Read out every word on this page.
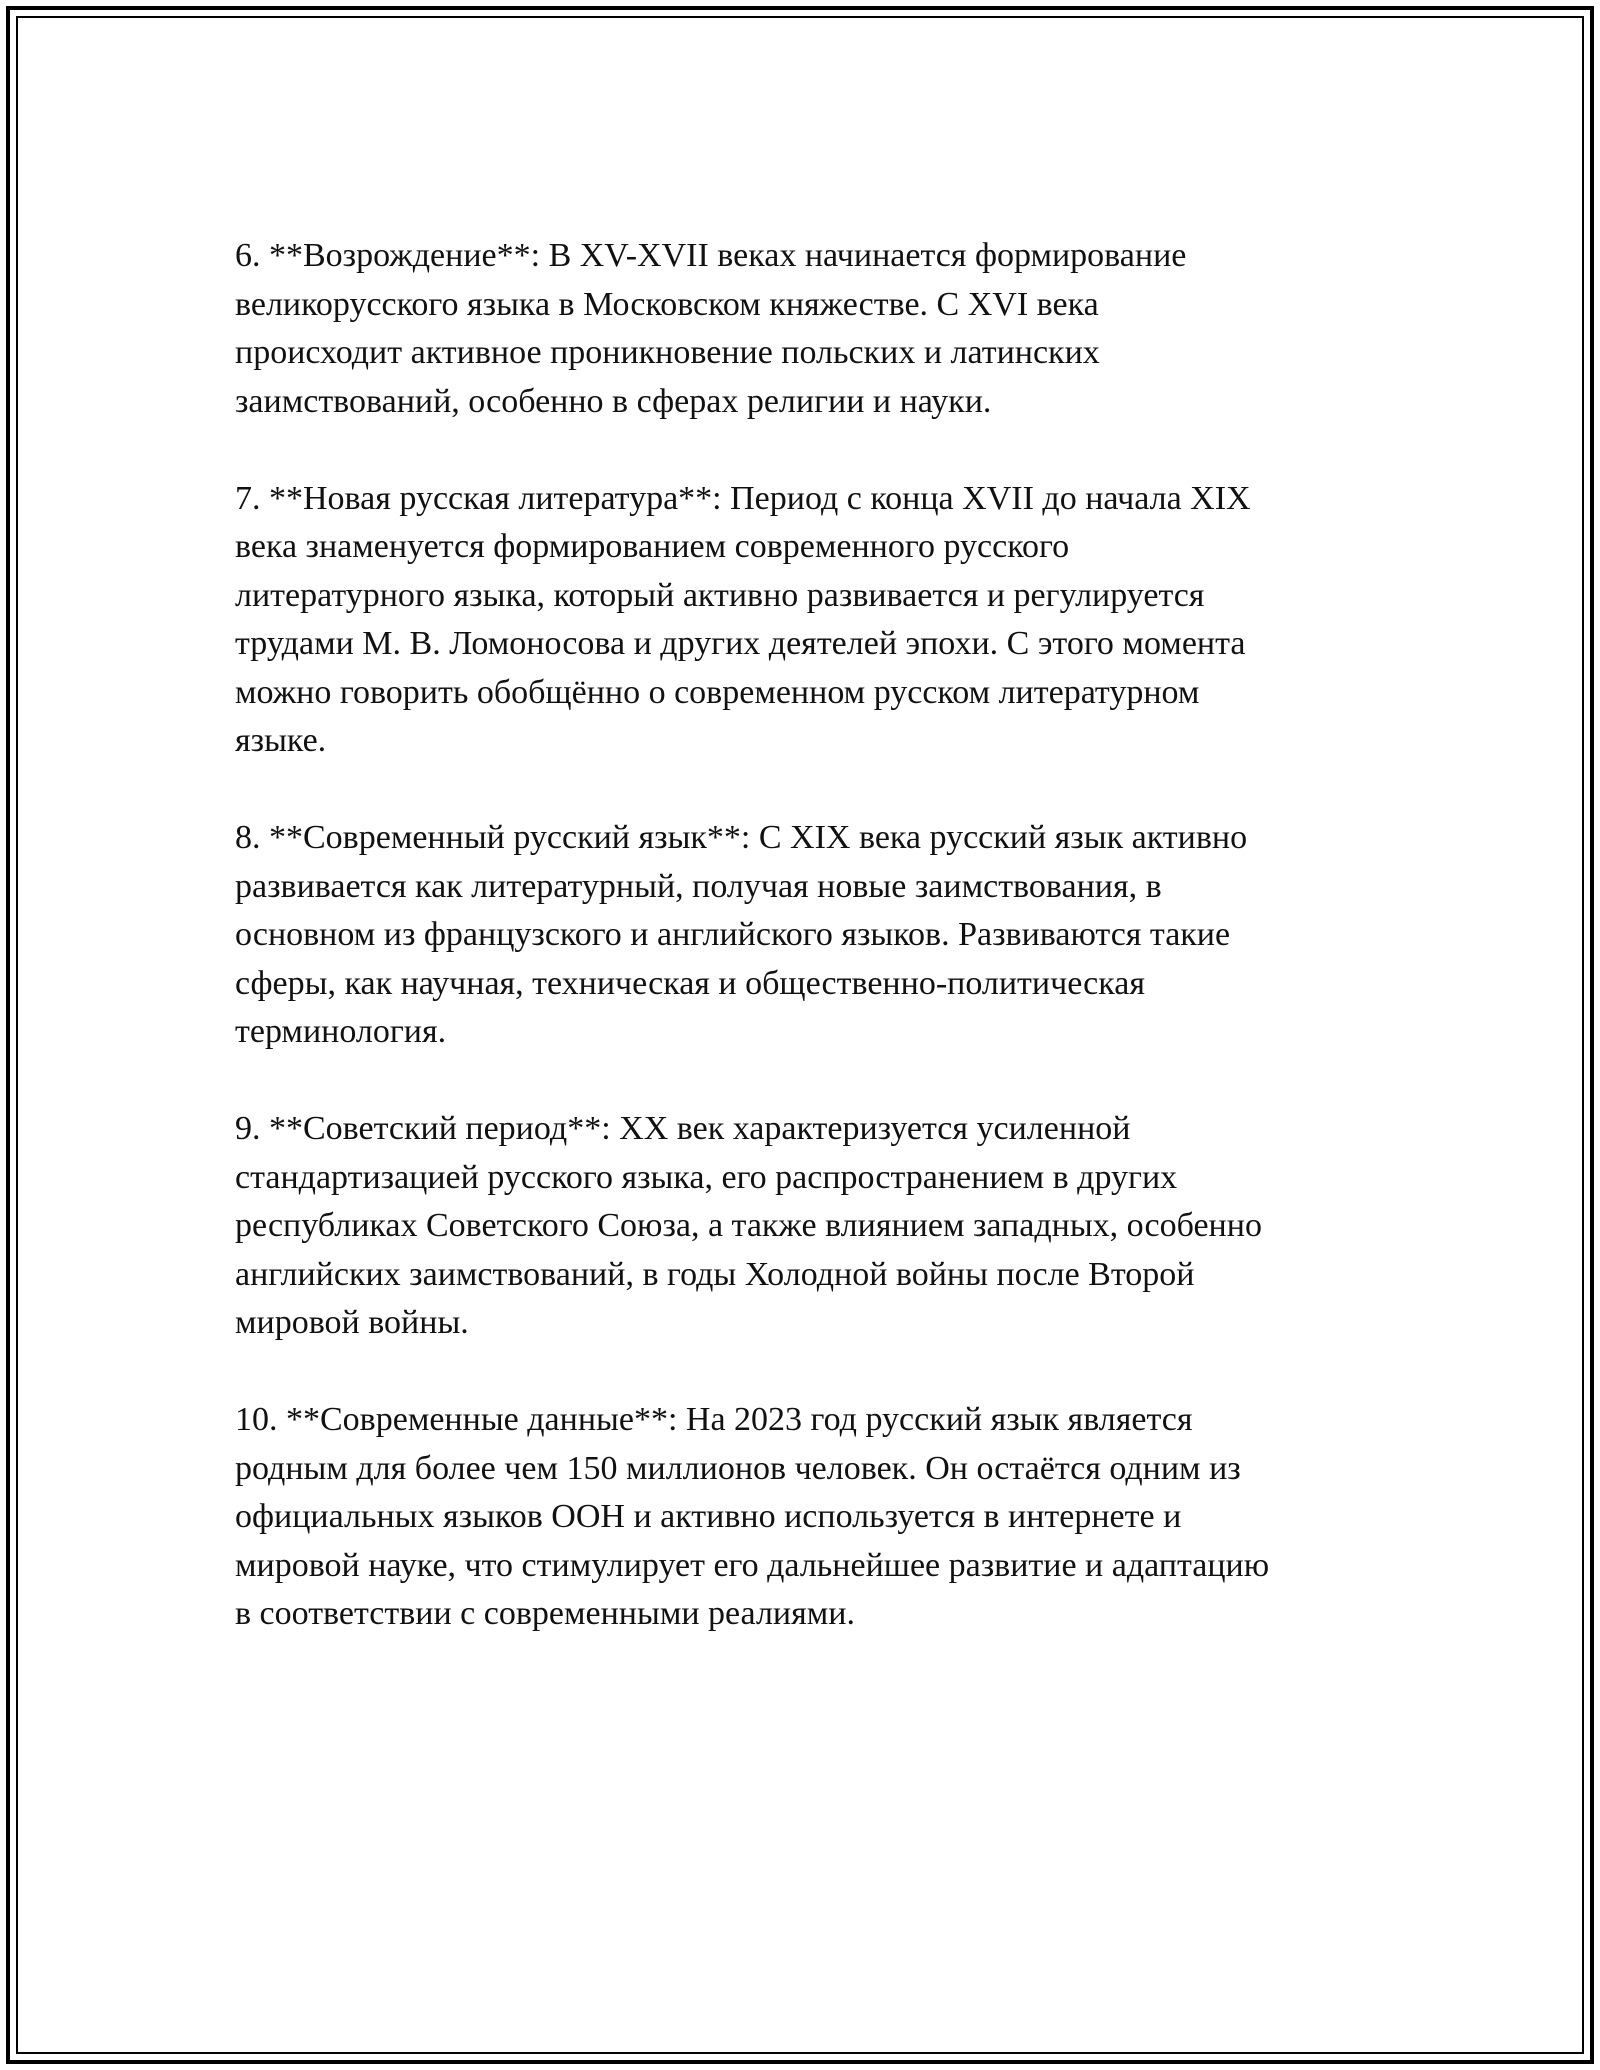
6. **Возрождение**: В XV-XVII веках начинается формирование
великорусского языка в Московском княжестве. С XVI века
происходит активное проникновение польских и латинских
заимствований, особенно в сферах религии и науки.

7. **Новая русская литература**: Период с конца XVII до начала XIX
века знаменуется формированием современного русского
литературного языка, который активно развивается и регулируется
трудами М. В. Ломоносова и других деятелей эпохи. С этого момента
можно говорить обобщённо о современном русском литературном
языке.

8. **Современный русский язык**: С XIX века русский язык активно
развивается как литературный, получая новые заимствования, в
основном из французского и английского языков. Развиваются такие
сферы, как научная, техническая и общественно-политическая
терминология.

9. **Советский период**: XX век характеризуется усиленной
стандартизацией русского языка, его распространением в других
республиках Советского Союза, а также влиянием западных, особенно
английских заимствований, в годы Холодной войны после Второй
мировой войны.

10. **Современные данные**: На 2023 год русский язык является
родным для более чем 150 миллионов человек. Он остаётся одним из
официальных языков ООН и активно используется в интернете и
мировой науке, что стимулирует его дальнейшее развитие и адаптацию
в соответствии с современными реалиями.
